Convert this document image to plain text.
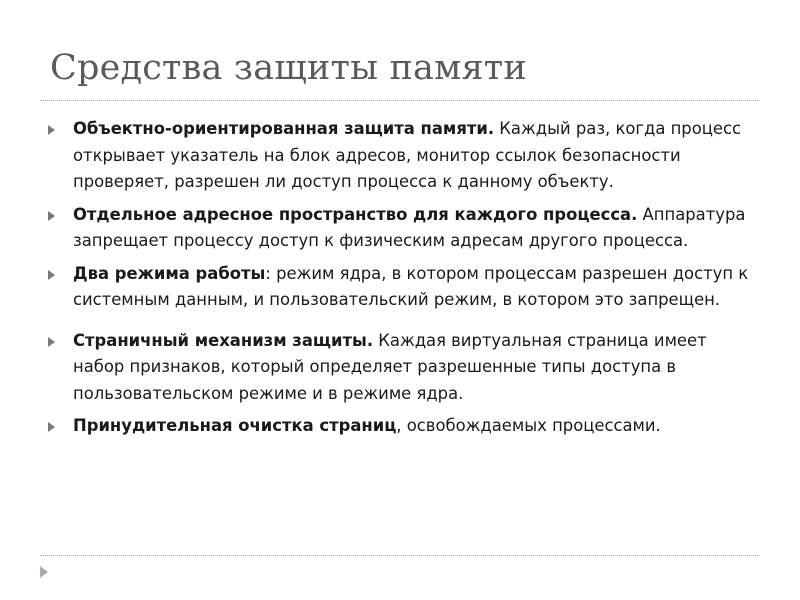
Средства защиты памяти
Объектно-ориентированная защита памяти. Каждый раз, когда процесс открывает указатель на блок адресов, монитор ссылок безопасности проверяет, разрешен ли доступ процесса к данному объекту.
Отдельное адресное пространство для каждого процесса. Аппаратура запрещает процессу доступ к физическим адресам другого процесса.
Два режима работы: режим ядра, в котором процессам разрешен доступ к системным данным, и пользовательский режим, в котором это запрещен.
Страничный механизм защиты. Каждая виртуальная страница имеет набор признаков, который определяет разрешенные типы доступа в пользовательском режиме и в режиме ядра.
Принудительная очистка страниц, освобождаемых процессами.
